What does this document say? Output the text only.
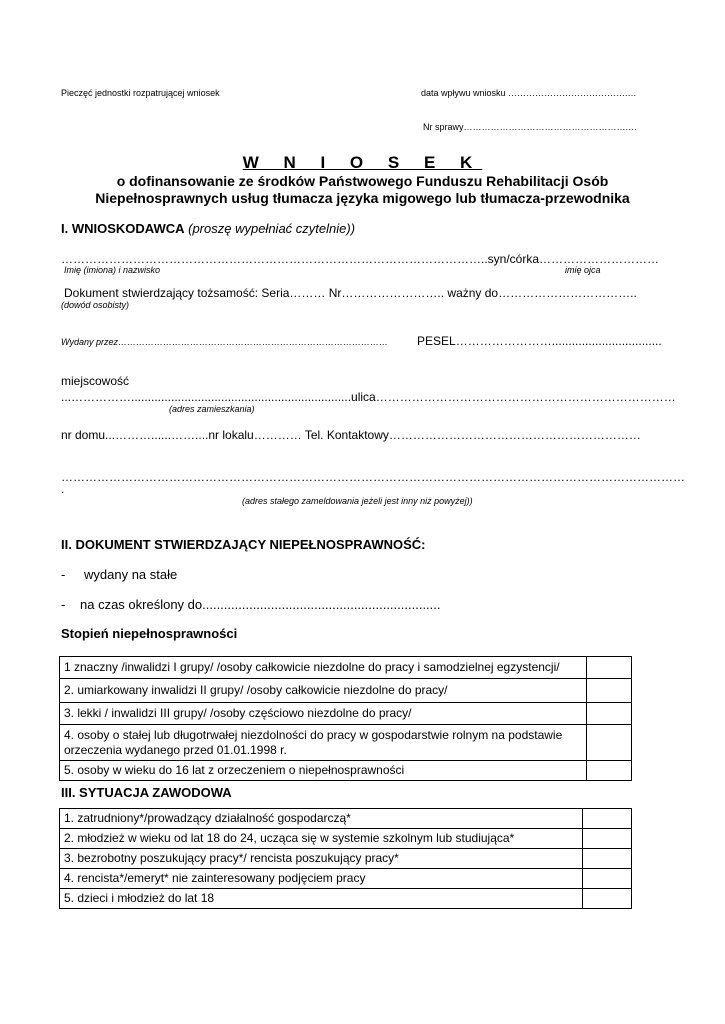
Pieczęć jednostki rozpatrującej wniosek	data wpływu wniosku ………………………………….…
Nr sprawy……………………………………………….…
W N I O S E K
o dofinansowanie ze środków Państwowego Funduszu Rehabilitacji Osób
Niepełnosprawnych usług tłumacza języka migowego lub tłumacza-przewodnika
I. WNIOSKODAWCA (proszę wypełniać czytelnie))
……………………………………………………………………………………………..syn/córka…………………………
Imię (imiona) i nazwisko	imię ojca
Dokument stwierdzający tożsamość: Seria……… Nr…………………….. ważny do……………………………..
(dowód osobisty)
Wydany przez……………………………………………………………………………… PESEL…………………….................................
miejscowość
...……………..................................................................ulica…………………………………………………………………
(adres zamieszkania)
nr domu...………......……....nr lokalu………… Tel. Kontaktowy………………………………………………………
…………………………………………………………………………………………………………………………………………
.
(adres stałego zameldowania jeżeli jest inny niż powyżej))
II. DOKUMENT STWIERDZAJĄCY NIEPEŁNOSPRAWNOŚĆ:
- wydany na stałe
- na czas określony do..................................................................
Stopień niepełnosprawności
1 znaczny /inwalidzi I grupy/ /osoby całkowicie niezdolne do pracy i samodzielnej egzystencji/	
2. umiarkowany inwalidzi II grupy/ /osoby całkowicie niezdolne do pracy/	
3. lekki / inwalidzi III grupy/ /osoby częściowo niezdolne do pracy/	
4. osoby o stałej lub długotrwałej niezdolności do pracy w gospodarstwie rolnym na podstawie orzeczenia wydanego przed 01.01.1998 r.	
5. osoby w wieku do 16 lat z orzeczeniem o niepełnosprawności	
III. SYTUACJA ZAWODOWA
1. zatrudniony*/prowadzący działalność gospodarczą*	
2. młodzież w wieku od lat 18 do 24, ucząca się w systemie szkolnym lub studiująca*	
3. bezrobotny poszukujący pracy*/ rencista poszukujący pracy*	
4. rencista*/emeryt* nie zainteresowany podjęciem pracy	
5. dzieci i młodzież do lat 18	
